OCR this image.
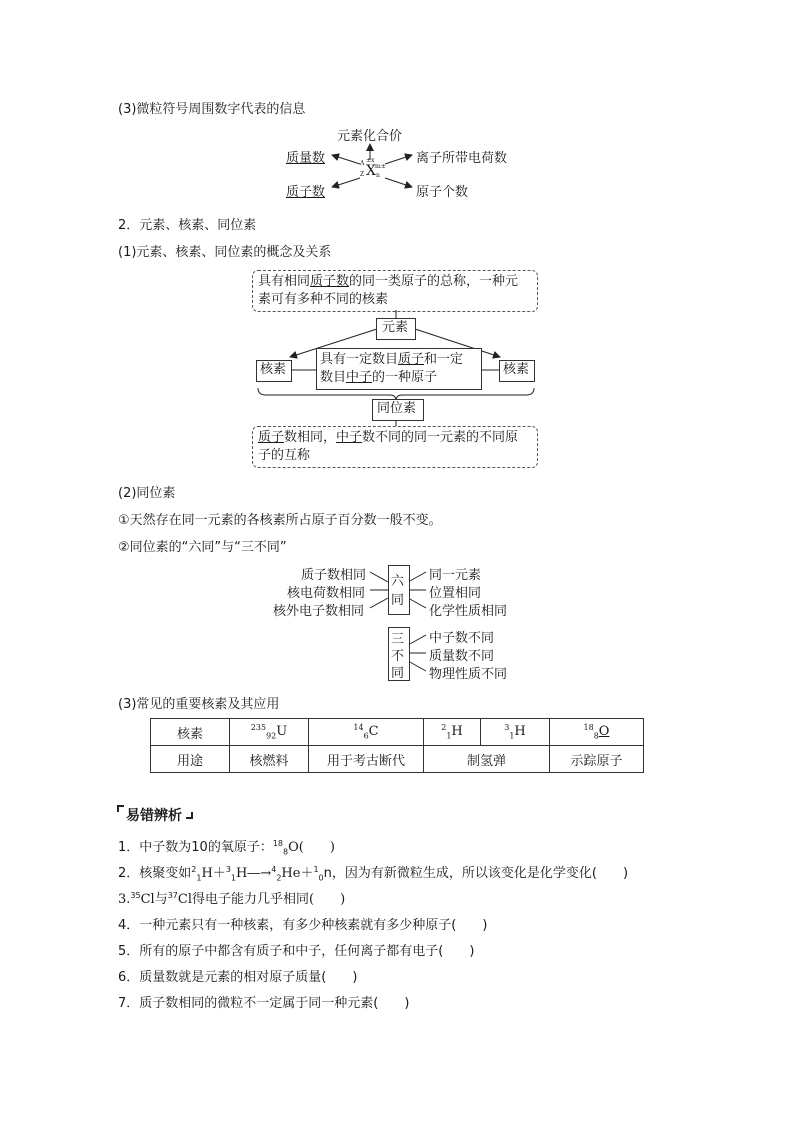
(3)微粒符号周围数字代表的信息
元素化合价
质量数
质子数
离子所带电荷数
原子个数
X
A
Z
±x
m±
n
2．元素、核素、同位素
(1)元素、核素、同位素的概念及关系
具有相同质子数的同一类原子的总称，一种元
素可有多种不同的核素
元素
核素
具有一定数目质子和一定
数目中子的一种原子
核素
同位素
质子数相同，中子数不同的同一元素的不同原
子的互称
(2)同位素
①天然存在同一元素的各核素所占原子百分数一般不变。
②同位素的“六同”与“三不同”
质子数相同
核电荷数相同
核外电子数相同
六
同
同一元素
位置相同
化学性质相同
三
不
同
中子数不同
质量数不同
物理性质不同
(3)常见的重要核素及其应用
核素	$^{235}_{92}$U	$^{14}_6$C	$^2_1$H	$^3_1$H	$^{18}_8$O
用途	核燃料	用于考古断代	制氢弹		示踪原子
易错辨析
1．中子数为10的氧原子：$^{18}_8$O(　　)
2．核聚变如$^2_1$H＋$^3_1$H―→$^4_2$He＋$^1_0$n，因为有新微粒生成，所以该变化是化学变化(　　)
3.35Cl与$^{37}$Cl得电子能力几乎相同(　　)
4．一种元素只有一种核素，有多少种核素就有多少种原子(　　)
5．所有的原子中都含有质子和中子，任何离子都有电子(　　)
6．质量数就是元素的相对原子质量(　　)
7．质子数相同的微粒不一定属于同一种元素(　　)
